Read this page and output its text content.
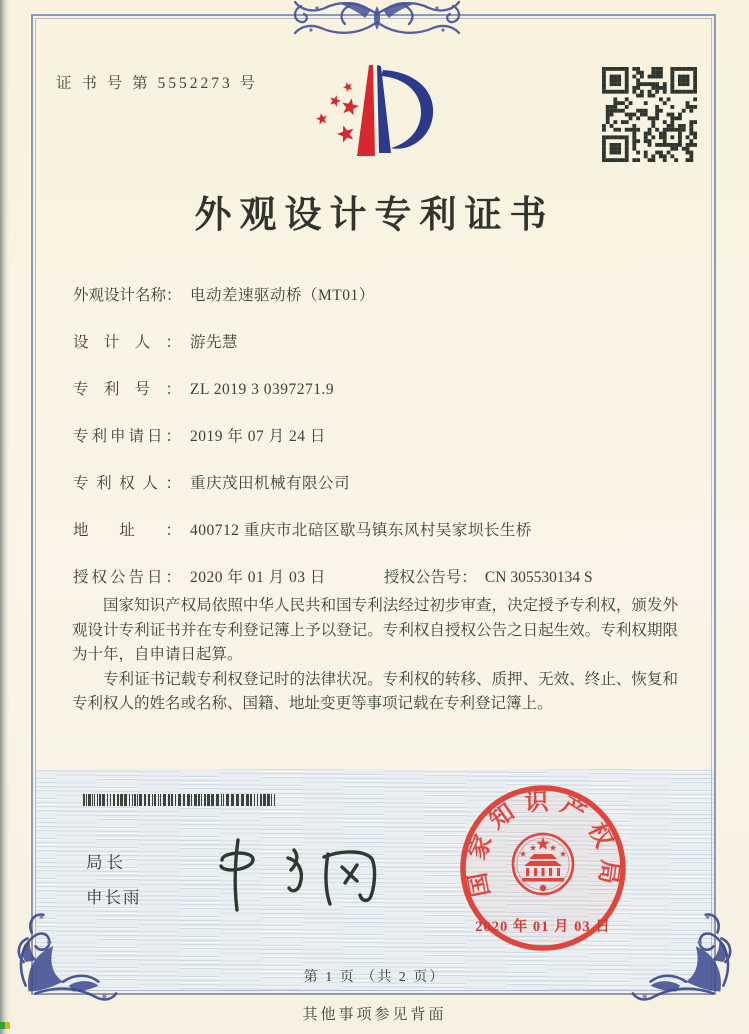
证 书 号 第 5552273 号
外观设计专利证书
外观设计名称： 电动差速驱动桥（MT01）
设计人： 游先慧
专利号： ZL 2019 3 0397271.9
专利申请日： 2019 年 07 月 24 日
专利权人： 重庆茂田机械有限公司
地址： 400712 重庆市北碚区歇马镇东风村吴家坝长生桥
授权公告日： 2020 年 01 月 03 日	授权公告号： CN 305530134 S

国家知识产权局依照中华人民共和国专利法经过初步审查，决定授予专利权，颁发外观设计专利证书并在专利登记簿上予以登记。专利权自授权公告之日起生效。专利权期限为十年，自申请日起算。

专利证书记载专利权登记时的法律状况。专利权的转移、质押、无效、终止、恢复和专利权人的姓名或名称、国籍、地址变更等事项记载在专利登记簿上。

局长
申长雨	国家知识产权局
2020 年 01 月 03 日
第 1 页 （共 2 页）
其他事项参见背面
